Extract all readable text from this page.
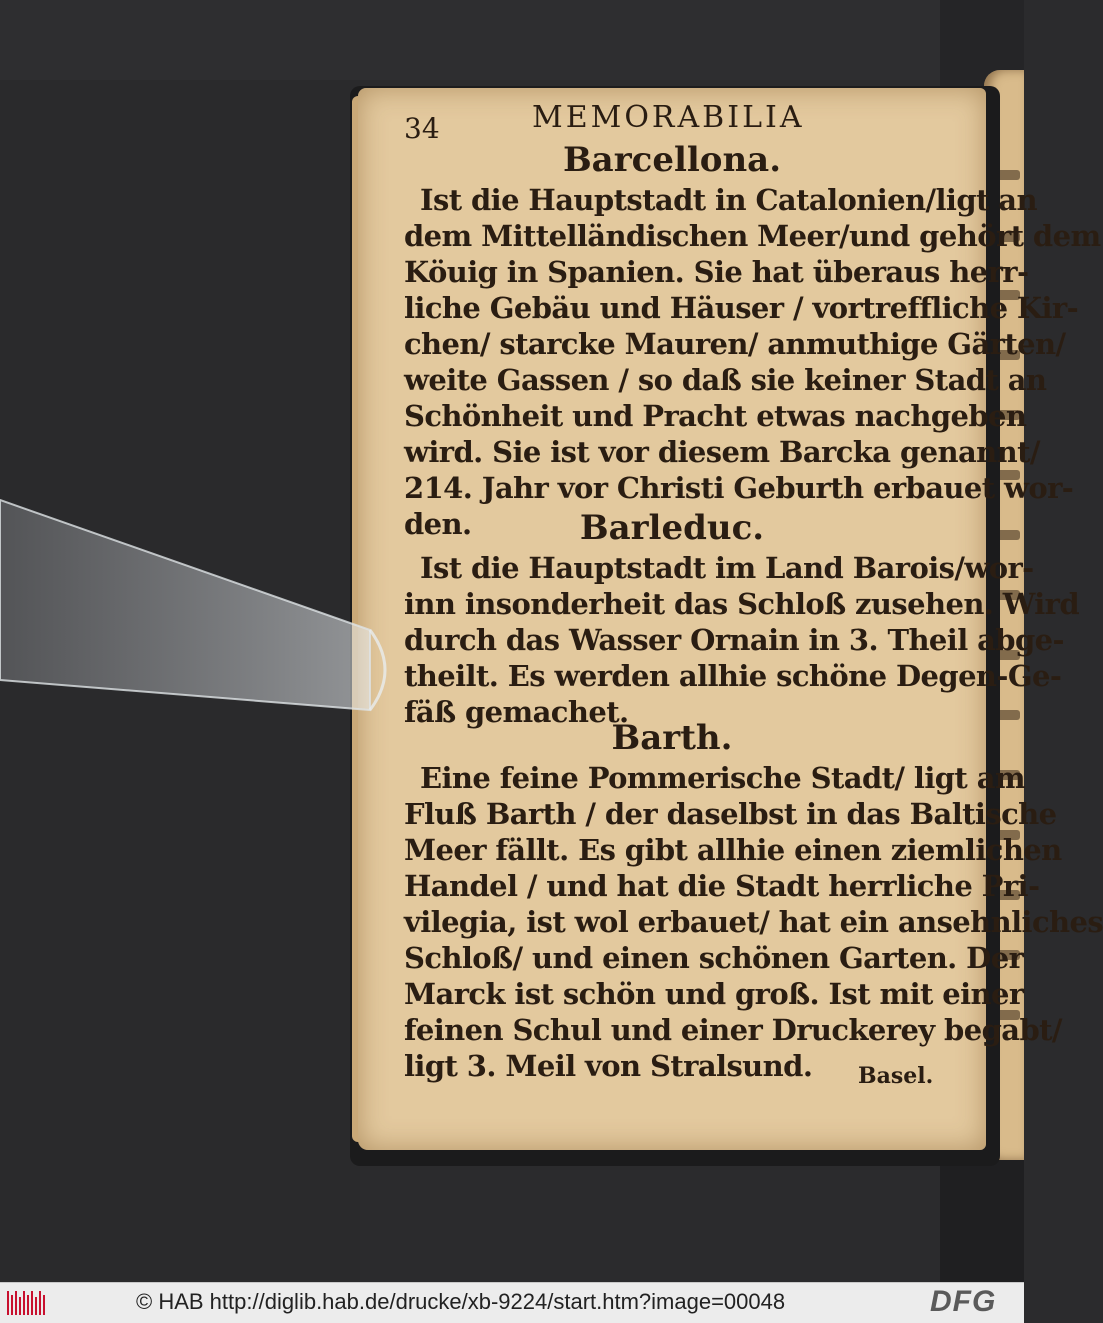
34	MEMORABILIA
Barcellona.
Ist die Hauptstadt in Catalonien/ligt an
dem Mittelländischen Meer/und gehört dem
Köuig in Spanien. Sie hat überaus herr-
liche Gebäu und Häuser / vortreffliche Kir-
chen/ starcke Mauren/ anmuthige Gärten/
weite Gassen / so daß sie keiner Stadt an
Schönheit und Pracht etwas nachgeben
wird. Sie ist vor diesem Barcka genannt/
214. Jahr vor Christi Geburth erbauet wor-
den.	Barleduc.
Ist die Hauptstadt im Land Barois/wor-
inn insonderheit das Schloß zusehen. Wird
durch das Wasser Ornain in 3. Theil abge-
theilt. Es werden allhie schöne Degen-Ge-
fäß gemachet.
Barth.
Eine feine Pommerische Stadt/ ligt am
Fluß Barth / der daselbst in das Baltische
Meer fällt. Es gibt allhie einen ziemlichen
Handel / und hat die Stadt herrliche Pri-
vilegia, ist wol erbauet/ hat ein ansehnliches
Schloß/ und einen schönen Garten. Der
Marck ist schön und groß. Ist mit einer
feinen Schul und einer Druckerey begabt/
ligt 3. Meil von Stralsund. Basel.
© HAB http://diglib.hab.de/drucke/xb-9224/start.htm?image=00048	DFG
